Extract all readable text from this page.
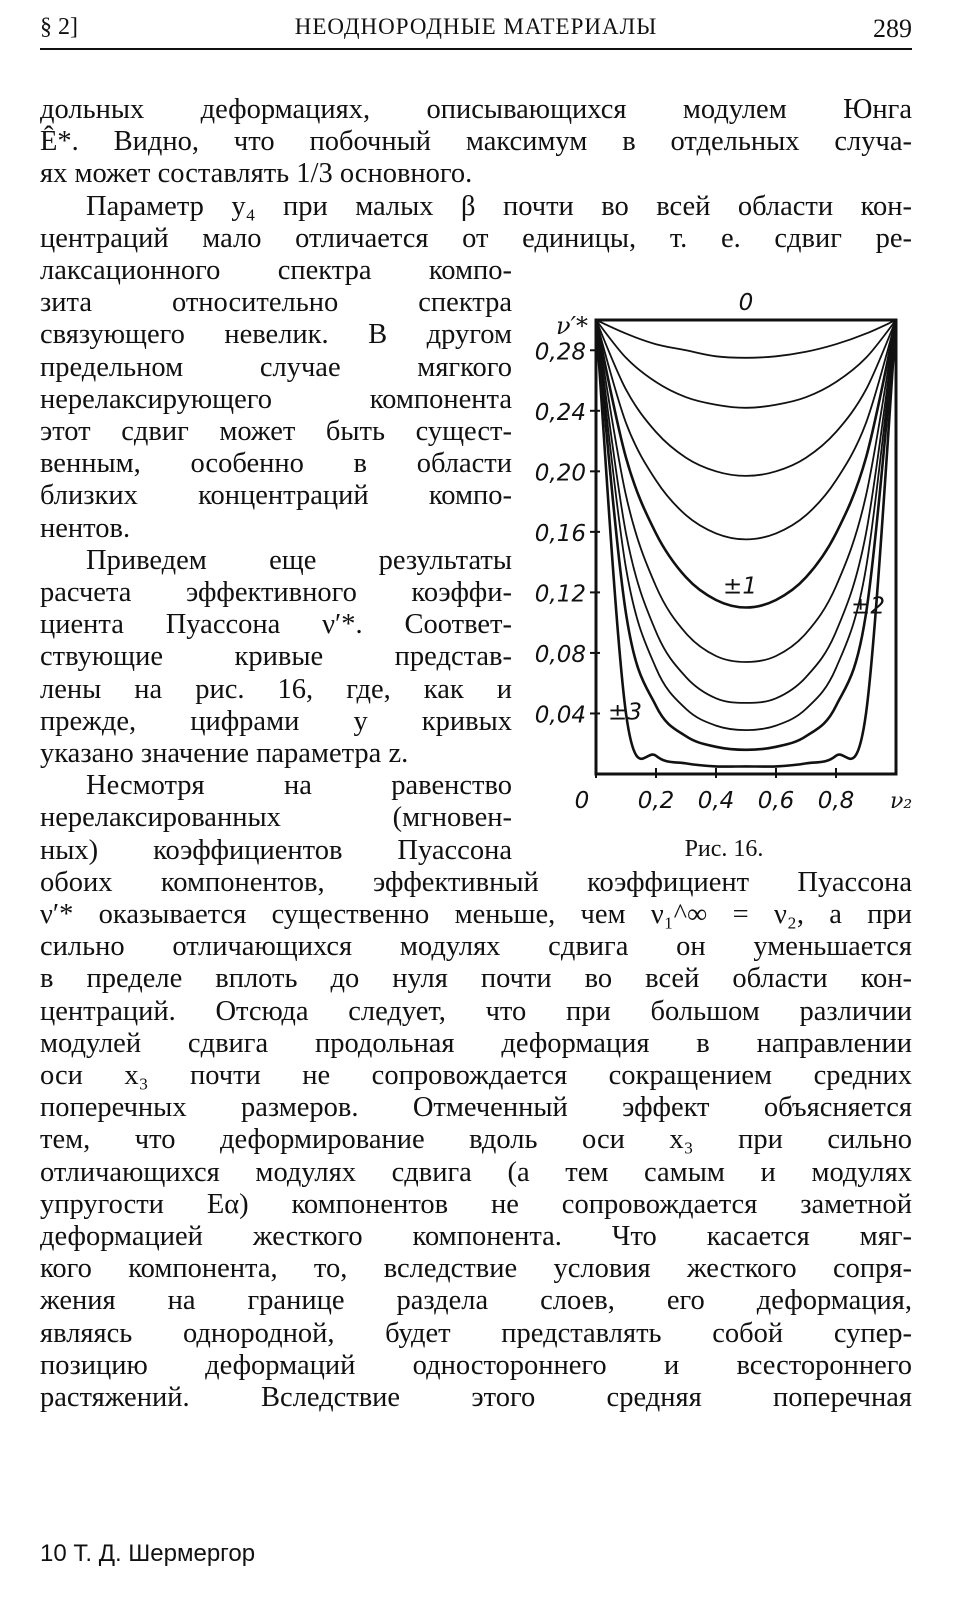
§ 2]	НЕОДНОРОДНЫЕ МАТЕРИАЛЫ	289
дольных деформациях, описывающихся модулем Юнга
Ê*. Видно, что побочный максимум в отдельных случа-
ях может составлять 1/3 основного.
Параметр y₄ при малых β почти во всей области кон-
центраций мало отличается от единицы, т. е. сдвиг ре-
лаксационного спектра компо-
зита относительно спектра
связующего невелик. В другом
предельном случае мягкого
нерелаксирующего компонента
этот сдвиг может быть сущест-
венным, особенно в области
близких концентраций компо-
нентов.
Приведем еще результаты
расчета эффективного коэффи-
циента Пуассона ν′*. Соответ-
ствующие кривые представ-
лены на рис. 16, где, как и
прежде, цифрами у кривых
указано значение параметра z.
Несмотря на равенство
нерелаксированных (мгновен-
ных) коэффициентов Пуассона
обоих компонентов, эффективный коэффициент Пуассона
ν′* оказывается существенно меньше, чем ν₁^∞ = ν₂, а при
сильно отличающихся модулях сдвига он уменьшается
в пределе вплоть до нуля почти во всей области кон-
центраций. Отсюда следует, что при большом различии
модулей сдвига продольная деформация в направлении
оси x₃ почти не сопровождается сокращением средних
поперечных размеров. Отмеченный эффект объясняется
тем, что деформирование вдоль оси x₃ при сильно
отличающихся модулях сдвига (а тем самым и модулях
упругости Eα) компонентов не сопровождается заметной
деформацией жесткого компонента. Что касается мяг-
кого компонента, то, вследствие условия жесткого сопря-
жения на границе раздела слоев, его деформация,
являясь однородной, будет представлять собой супер-
позицию деформаций одностороннего и всестороннего
растяжений. Вследствие этого средняя поперечная
0,04
0,08
0,12
0,16
0,20
0,24
0,28
0 0,2 0,4 0,6 0,8
ν′*
ν₂
0
±1
±2
±3
Рис. 16.
10 Т. Д. Шермергор
